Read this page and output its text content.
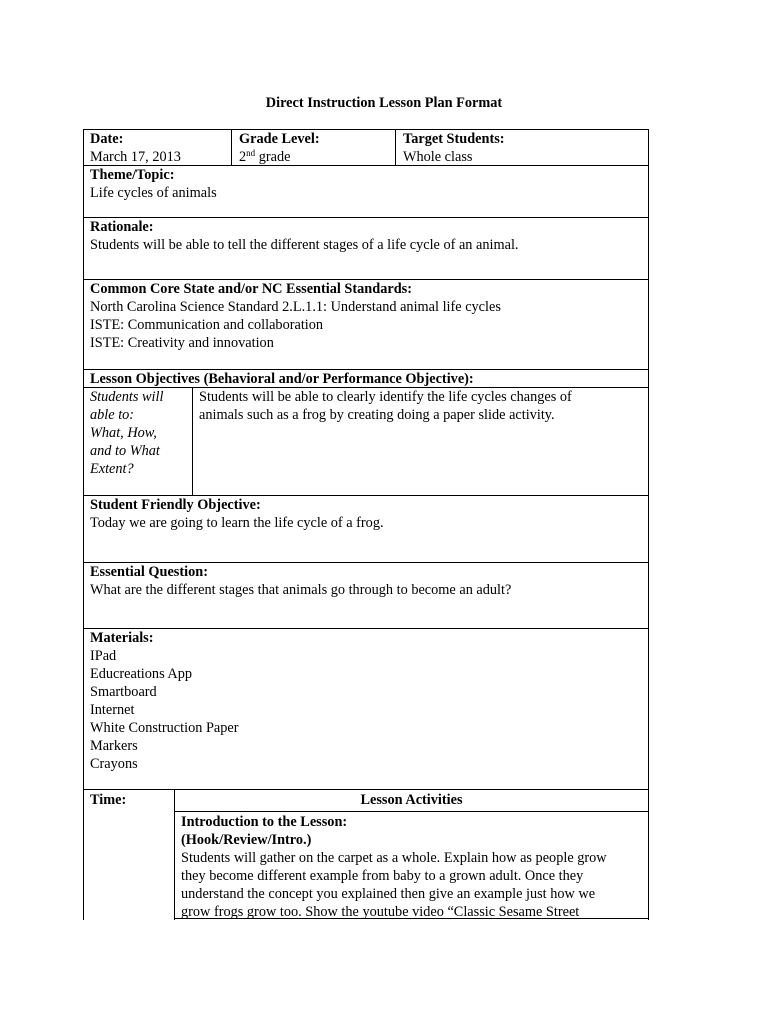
Direct Instruction Lesson Plan Format
Date:
March 17, 2013
Grade Level:
2nd grade
Target Students:
Whole class
Theme/Topic:
Life cycles of animals
Rationale:
Students will be able to tell the different stages of a life cycle of an animal.
Common Core State and/or NC Essential Standards:
North Carolina Science Standard 2.L.1.1: Understand animal life cycles
ISTE: Communication and collaboration
ISTE: Creativity and innovation
Lesson Objectives (Behavioral and/or Performance Objective):
Students will
able to:
What, How,
and to What
Extent?
Students will be able to clearly identify the life cycles changes of
animals such as a frog by creating doing a paper slide activity.
Student Friendly Objective:
Today we are going to learn the life cycle of a frog.
Essential Question:
What are the different stages that animals go through to become an adult?
Materials:
IPad
Educreations App
Smartboard
Internet
White Construction Paper
Markers
Crayons
Time:	Lesson Activities
Introduction to the Lesson:
(Hook/Review/Intro.)
Students will gather on the carpet as a whole. Explain how as people grow
they become different example from baby to a grown adult. Once they
understand the concept you explained then give an example just how we
grow frogs grow too. Show the youtube video “Classic Sesame Street
